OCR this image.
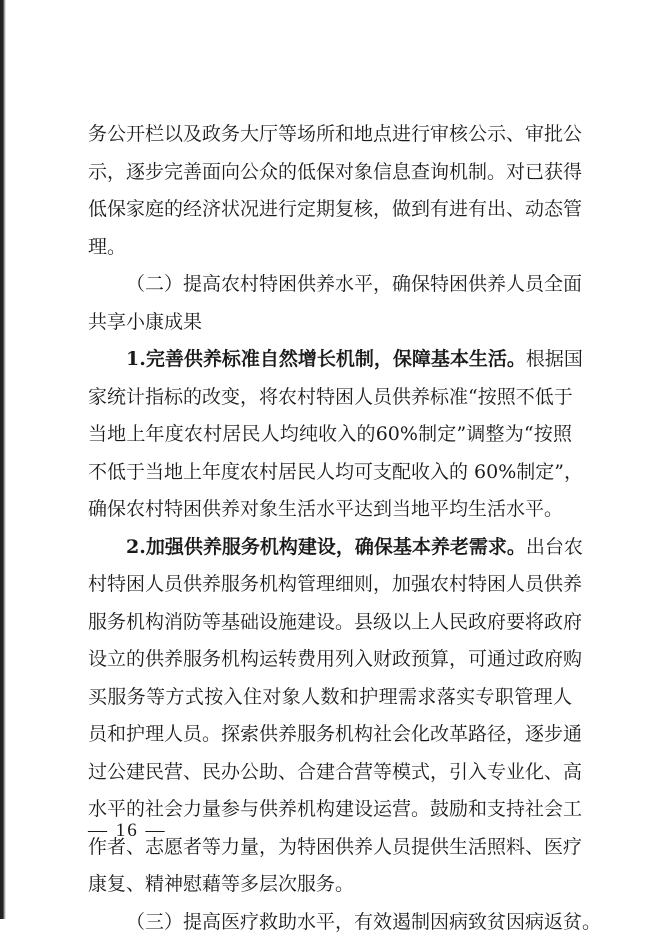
务公开栏以及政务大厅等场所和地点进行审核公示、审批公
示，逐步完善面向公众的低保对象信息查询机制。对已获得
低保家庭的经济状况进行定期复核，做到有进有出、动态管
理。
（二）提高农村特困供养水平，确保特困供养人员全面
共享小康成果
1.完善供养标准自然增长机制，保障基本生活。根据国
家统计指标的改变，将农村特困人员供养标准“按照不低于
当地上年度农村居民人均纯收入的60%制定”调整为“按照
不低于当地上年度农村居民人均可支配收入的 60%制定”，
确保农村特困供养对象生活水平达到当地平均生活水平。
2.加强供养服务机构建设，确保基本养老需求。出台农
村特困人员供养服务机构管理细则，加强农村特困人员供养
服务机构消防等基础设施建设。县级以上人民政府要将政府
设立的供养服务机构运转费用列入财政预算，可通过政府购
买服务等方式按入住对象人数和护理需求落实专职管理人
员和护理人员。探索供养服务机构社会化改革路径，逐步通
过公建民营、民办公助、合建合营等模式，引入专业化、高
水平的社会力量参与供养机构建设运营。鼓励和支持社会工
作者、志愿者等力量，为特困供养人员提供生活照料、医疗
康复、精神慰藉等多层次服务。
（三）提高医疗救助水平，有效遏制因病致贫因病返贫。
— 16 —
